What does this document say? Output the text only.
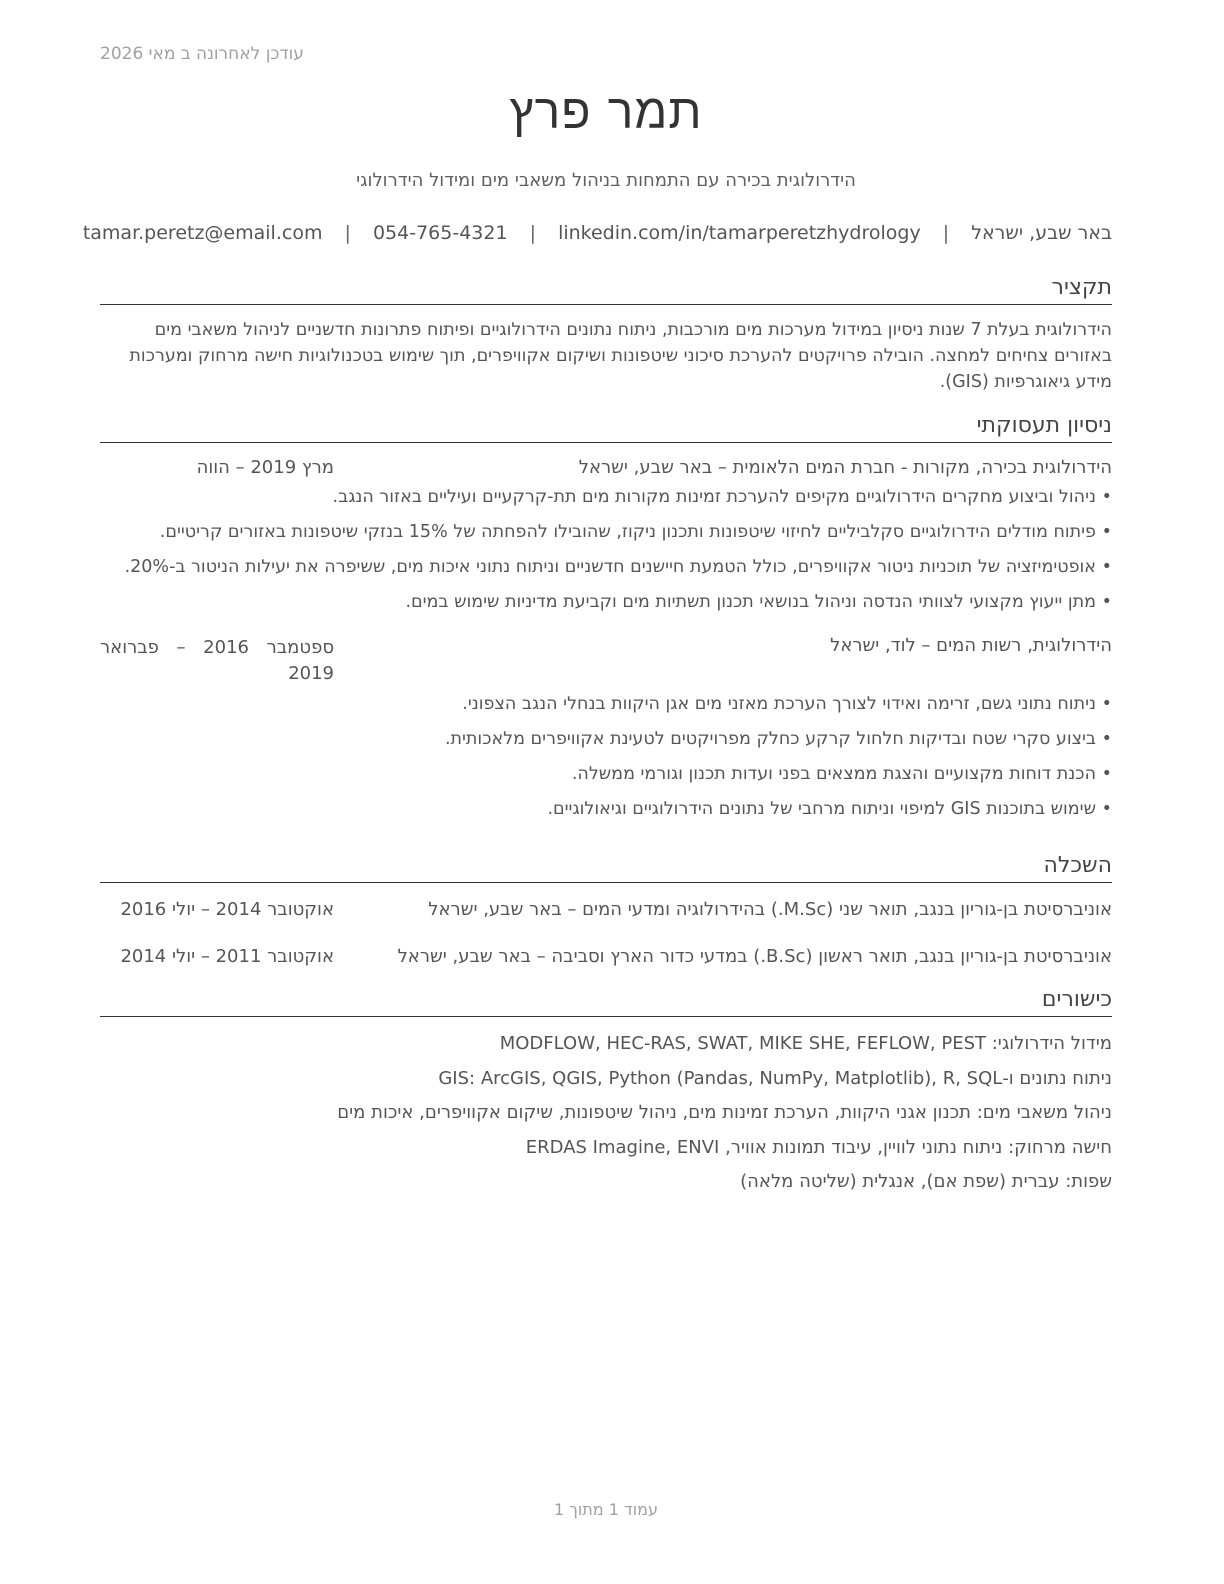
עודכן לאחרונה ב מאי 2026
תמר פרץ
הידרולוגית בכירה עם התמחות בניהול משאבי מים ומידול הידרולוגי
באר שבע, ישראל | tamar.peretz@email.com | 054-765-4321 | linkedin.com/in/tamarperetzhydrology
תקציר
הידרולוגית בעלת 7 שנות ניסיון במידול מערכות מים מורכבות, ניתוח נתונים הידרולוגיים ופיתוח פתרונות חדשניים לניהול משאבי מים באזורים צחיחים למחצה. הובילה פרויקטים להערכת סיכוני שיטפונות ושיקום אקוויפרים, תוך שימוש בטכנולוגיות חישה מרחוק ומערכות מידע גיאוגרפיות (GIS).
ניסיון תעסוקתי
הידרולוגית בכירה, מקורות - חברת המים הלאומית – באר שבע, ישראל
מרץ 2019 – הווה
• ניהול וביצוע מחקרים הידרולוגיים מקיפים להערכת זמינות מקורות מים תת-קרקעיים ועיליים באזור הנגב.
• פיתוח מודלים הידרולוגיים סקלביליים לחיזוי שיטפונות ותכנון ניקוז, שהובילו להפחתה של 15% בנזקי שיטפונות באזורים קריטיים.
• אופטימיזציה של תוכניות ניטור אקוויפרים, כולל הטמעת חיישנים חדשניים וניתוח נתוני איכות מים, ששיפרה את יעילות הניטור ב-20%.
• מתן ייעוץ מקצועי לצוותי הנדסה וניהול בנושאי תכנון תשתיות מים וקביעת מדיניות שימוש במים.
הידרולוגית, רשות המים – לוד, ישראל
ספטמבר 2016 – פברואר 2019
• ניתוח נתוני גשם, זרימה ואידוי לצורך הערכת מאזני מים אגן היקוות בנחלי הנגב הצפוני.
• ביצוע סקרי שטח ובדיקות חלחול קרקע כחלק מפרויקטים לטעינת אקוויפרים מלאכותית.
• הכנת דוחות מקצועיים והצגת ממצאים בפני ועדות תכנון וגורמי ממשלה.
• שימוש בתוכנות GIS למיפוי וניתוח מרחבי של נתונים הידרולוגיים וגיאולוגיים.
השכלה
אוניברסיטת בן-גוריון בנגב, תואר שני (M.Sc.) בהידרולוגיה ומדעי המים – באר שבע, ישראל
אוקטובר 2014 – יולי 2016
אוניברסיטת בן-גוריון בנגב, תואר ראשון (B.Sc.) במדעי כדור הארץ וסביבה – באר שבע, ישראל
אוקטובר 2011 – יולי 2014
כישורים
מידול הידרולוגי: MODFLOW, HEC-RAS, SWAT, MIKE SHE, FEFLOW, PEST
ניתוח נתונים ו-GIS: ArcGIS, QGIS, Python (Pandas, NumPy, Matplotlib), R, SQL
ניהול משאבי מים: תכנון אגני היקוות, הערכת זמינות מים, ניהול שיטפונות, שיקום אקוויפרים, איכות מים
חישה מרחוק: ניתוח נתוני לוויין, עיבוד תמונות אוויר, ERDAS Imagine, ENVI
שפות: עברית (שפת אם), אנגלית (שליטה מלאה)
עמוד 1 מתוך 1
